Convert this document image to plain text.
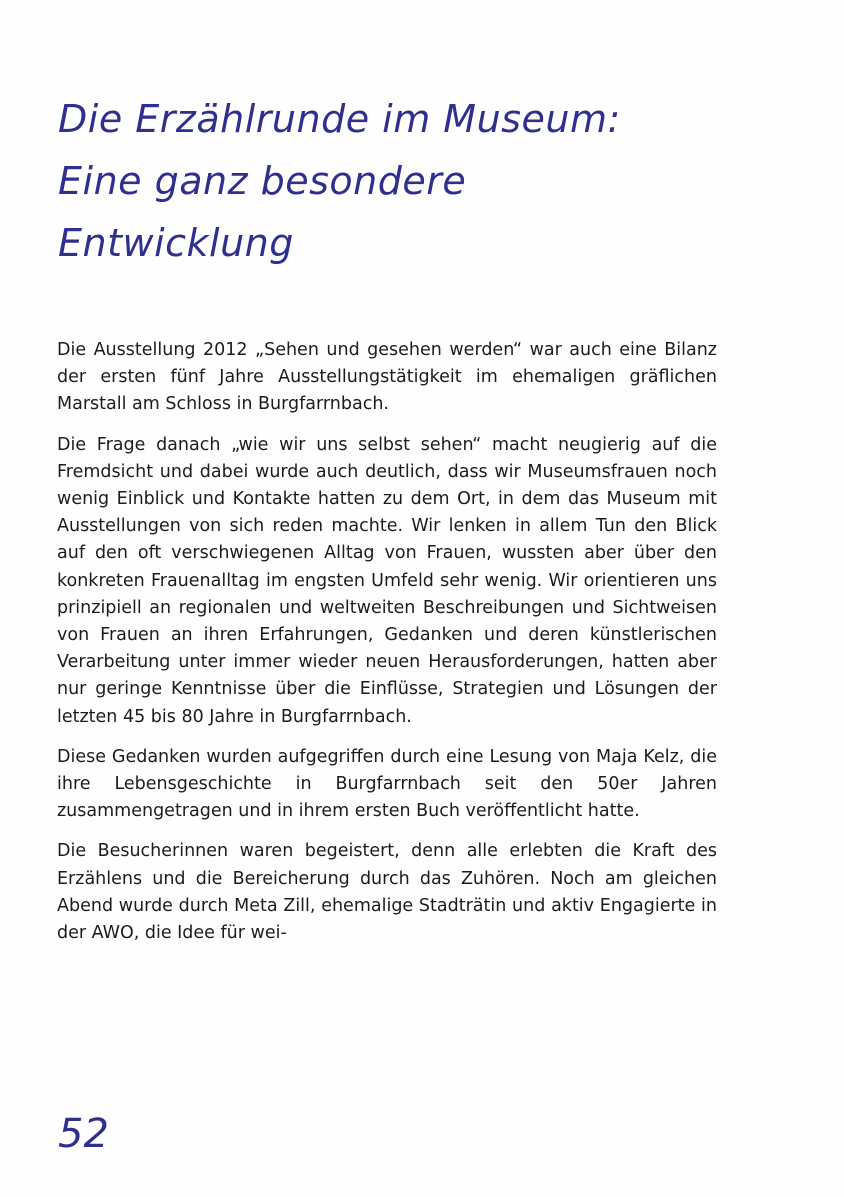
Die Erzählrunde im Museum:
Eine ganz besondere
Entwicklung

Die Ausstellung 2012 „Sehen und gesehen werden“ war auch eine Bilanz der ersten fünf Jahre Ausstellungstätigkeit im ehemaligen gräflichen Marstall am Schloss in Burgfarrnbach.

Die Frage danach „wie wir uns selbst sehen“ macht neugierig auf die Fremdsicht und dabei wurde auch deutlich, dass wir Museumsfrauen noch wenig Einblick und Kontakte hatten zu dem Ort, in dem das Museum mit Ausstellungen von sich reden machte. Wir lenken in allem Tun den Blick auf den oft verschwiegenen Alltag von Frauen, wussten aber über den konkreten Frauenalltag im engsten Umfeld sehr wenig. Wir orientieren uns prinzipiell an regionalen und weltweiten Beschreibungen und Sichtweisen von Frauen an ihren Erfahrungen, Gedanken und deren künstlerischen Verarbeitung unter immer wieder neuen Herausforderungen, hatten aber nur geringe Kenntnisse über die Einflüsse, Strategien und Lösungen der letzten 45 bis 80 Jahre in Burgfarrnbach.

Diese Gedanken wurden aufgegriffen durch eine Lesung von Maja Kelz, die ihre Lebensgeschichte in Burgfarrnbach seit den 50er Jahren zusammengetragen und in ihrem ersten Buch veröffentlicht hatte.

Die Besucherinnen waren begeistert, denn alle erlebten die Kraft des Erzählens und die Bereicherung durch das Zuhören. Noch am gleichen Abend wurde durch Meta Zill, ehemalige Stadträtin und aktiv Engagierte in der AWO, die Idee für wei-

52
